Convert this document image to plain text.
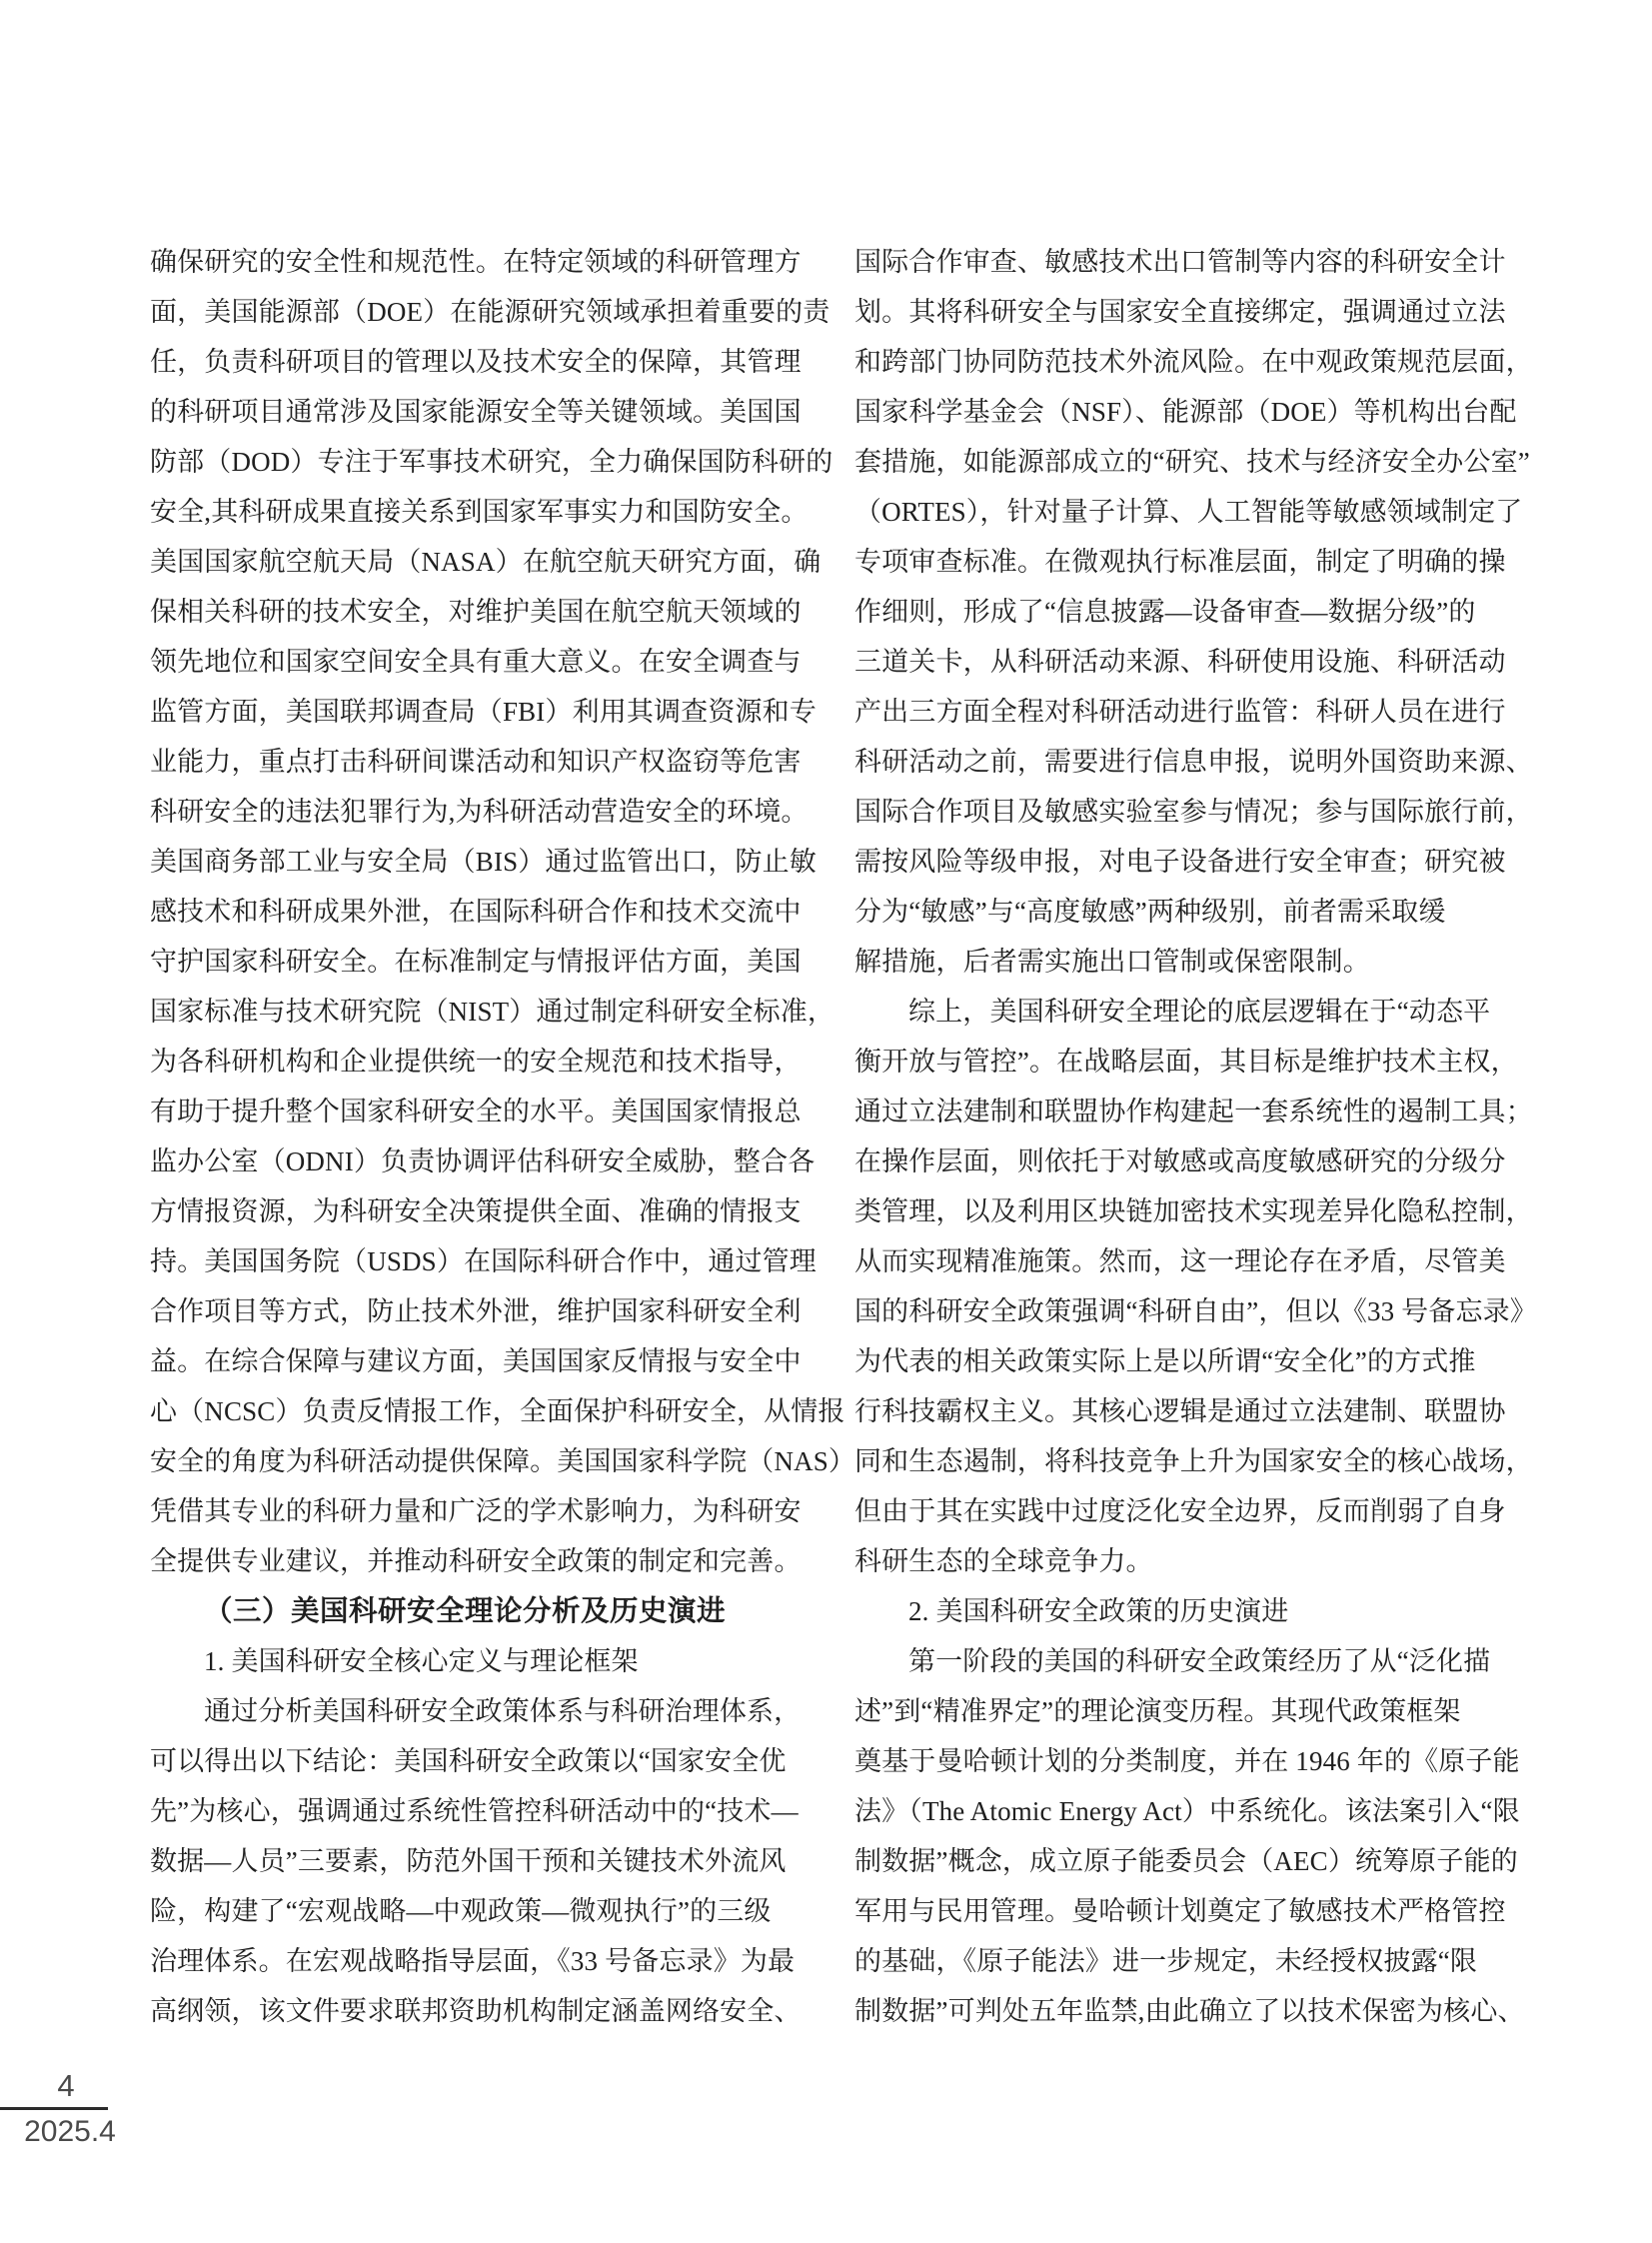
确保研究的安全性和规范性。在特定领域的科研管理方
面，美国能源部（DOE）在能源研究领域承担着重要的责
任，负责科研项目的管理以及技术安全的保障，其管理
的科研项目通常涉及国家能源安全等关键领域。美国国
防部（DOD）专注于军事技术研究，全力确保国防科研的
安全,其科研成果直接关系到国家军事实力和国防安全。
美国国家航空航天局（NASA）在航空航天研究方面，确
保相关科研的技术安全，对维护美国在航空航天领域的
领先地位和国家空间安全具有重大意义。在安全调查与
监管方面，美国联邦调查局（FBI）利用其调查资源和专
业能力，重点打击科研间谍活动和知识产权盗窃等危害
科研安全的违法犯罪行为,为科研活动营造安全的环境。
美国商务部工业与安全局（BIS）通过监管出口，防止敏
感技术和科研成果外泄，在国际科研合作和技术交流中
守护国家科研安全。在标准制定与情报评估方面，美国
国家标准与技术研究院（NIST）通过制定科研安全标准，
为各科研机构和企业提供统一的安全规范和技术指导，
有助于提升整个国家科研安全的水平。美国国家情报总
监办公室（ODNI）负责协调评估科研安全威胁，整合各
方情报资源，为科研安全决策提供全面、准确的情报支
持。美国国务院（USDS）在国际科研合作中，通过管理
合作项目等方式，防止技术外泄，维护国家科研安全利
益。在综合保障与建议方面，美国国家反情报与安全中
心（NCSC）负责反情报工作，全面保护科研安全，从情报
安全的角度为科研活动提供保障。美国国家科学院（NAS）
凭借其专业的科研力量和广泛的学术影响力，为科研安
全提供专业建议，并推动科研安全政策的制定和完善。
（三）美国科研安全理论分析及历史演进
1. 美国科研安全核心定义与理论框架
通过分析美国科研安全政策体系与科研治理体系，
可以得出以下结论：美国科研安全政策以“国家安全优
先”为核心，强调通过系统性管控科研活动中的“技术—
数据—人员”三要素，防范外国干预和关键技术外流风
险，构建了“宏观战略—中观政策—微观执行”的三级
治理体系。在宏观战略指导层面，《33 号备忘录》为最
高纲领，该文件要求联邦资助机构制定涵盖网络安全、
国际合作审查、敏感技术出口管制等内容的科研安全计
划。其将科研安全与国家安全直接绑定，强调通过立法
和跨部门协同防范技术外流风险。在中观政策规范层面，
国家科学基金会（NSF）、能源部（DOE）等机构出台配
套措施，如能源部成立的“研究、技术与经济安全办公室”
（ORTES），针对量子计算、人工智能等敏感领域制定了
专项审查标准。在微观执行标准层面，制定了明确的操
作细则，形成了“信息披露—设备审查—数据分级”的
三道关卡，从科研活动来源、科研使用设施、科研活动
产出三方面全程对科研活动进行监管：科研人员在进行
科研活动之前，需要进行信息申报，说明外国资助来源、
国际合作项目及敏感实验室参与情况；参与国际旅行前，
需按风险等级申报，对电子设备进行安全审查；研究被
分为“敏感”与“高度敏感”两种级别，前者需采取缓
解措施，后者需实施出口管制或保密限制。
综上，美国科研安全理论的底层逻辑在于“动态平
衡开放与管控”。在战略层面，其目标是维护技术主权，
通过立法建制和联盟协作构建起一套系统性的遏制工具；
在操作层面，则依托于对敏感或高度敏感研究的分级分
类管理，以及利用区块链加密技术实现差异化隐私控制，
从而实现精准施策。然而，这一理论存在矛盾，尽管美
国的科研安全政策强调“科研自由”，但以《33 号备忘录》
为代表的相关政策实际上是以所谓“安全化”的方式推
行科技霸权主义。其核心逻辑是通过立法建制、联盟协
同和生态遏制，将科技竞争上升为国家安全的核心战场，
但由于其在实践中过度泛化安全边界，反而削弱了自身
科研生态的全球竞争力。
2. 美国科研安全政策的历史演进
第一阶段的美国的科研安全政策经历了从“泛化描
述”到“精准界定”的理论演变历程。其现代政策框架
奠基于曼哈顿计划的分类制度，并在 1946 年的《原子能
法》（The Atomic Energy Act）中系统化。该法案引入“限
制数据”概念，成立原子能委员会（AEC）统筹原子能的
军用与民用管理。曼哈顿计划奠定了敏感技术严格管控
的基础，《原子能法》进一步规定，未经授权披露“限
制数据”可判处五年监禁,由此确立了以技术保密为核心、
4
2025.4
